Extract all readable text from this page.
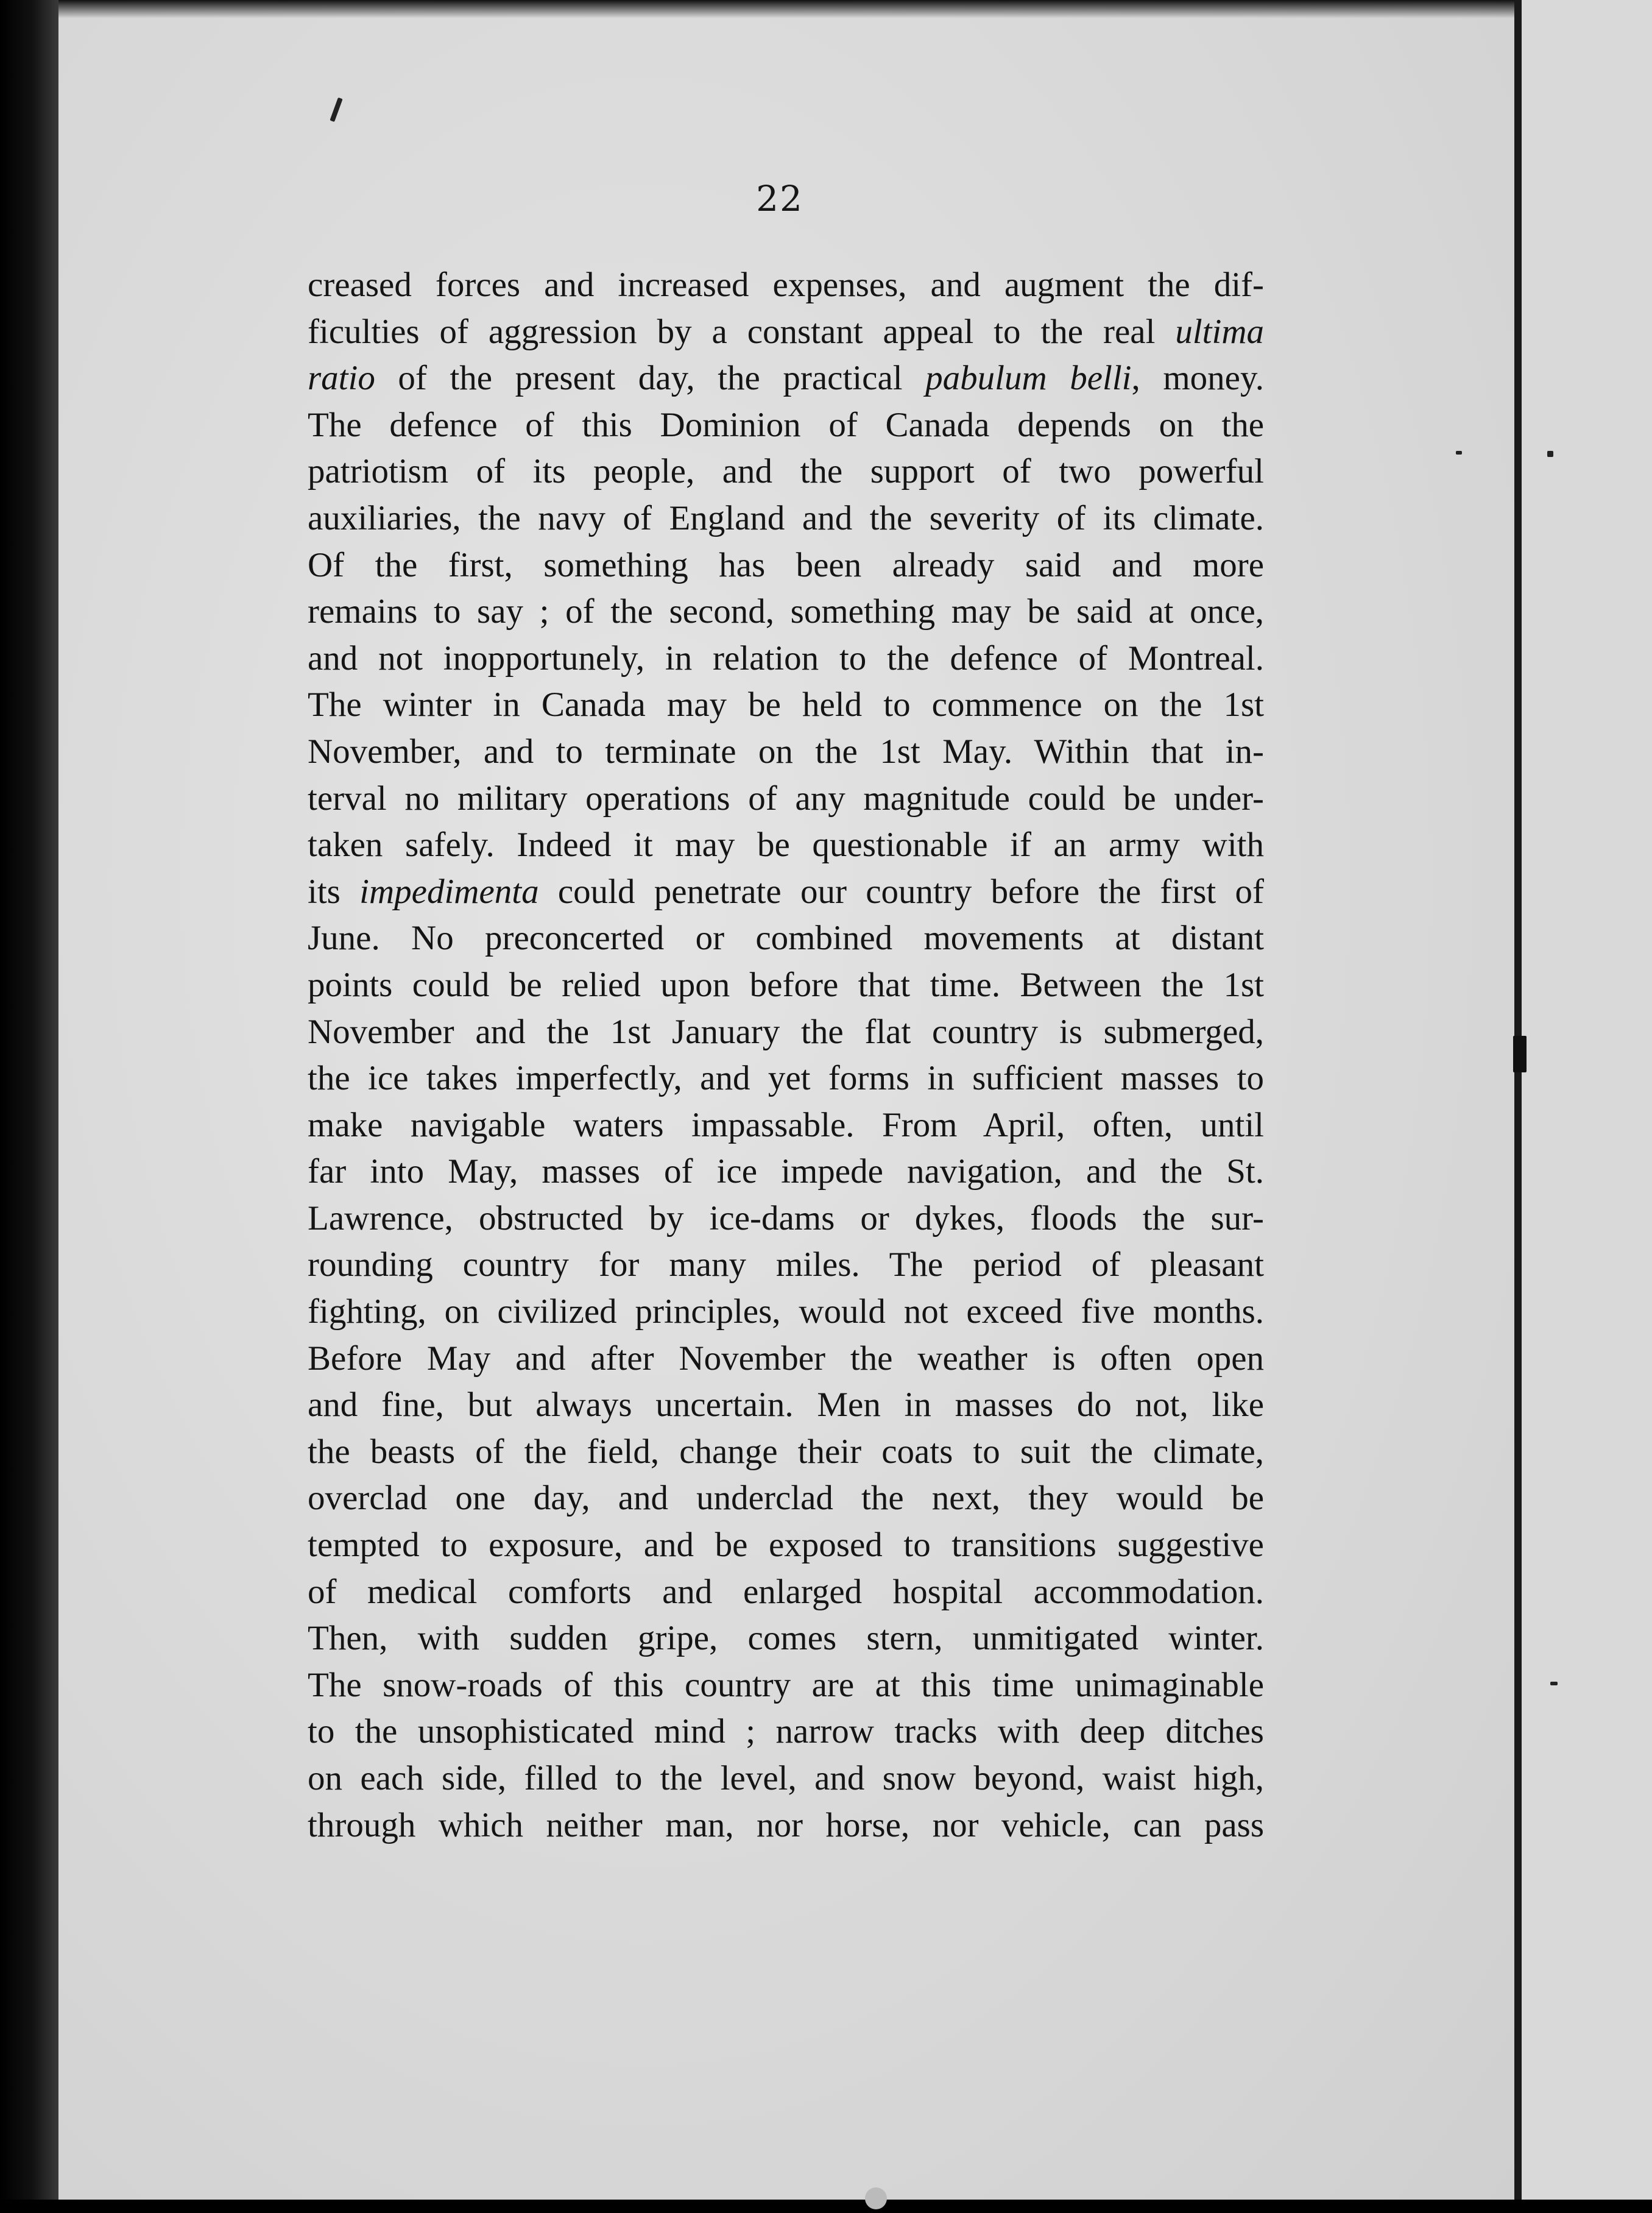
22
creased forces and increased expenses, and augment the dif-
ficulties of aggression by a constant appeal to the real ultima
ratio of the present day, the practical pabulum belli, money.
The defence of this Dominion of Canada depends on the
patriotism of its people, and the support of two powerful
auxiliaries, the navy of England and the severity of its climate.
Of the first, something has been already said and more
remains to say ; of the second, something may be said at once,
and not inopportunely, in relation to the defence of Montreal.
The winter in Canada may be held to commence on the 1st
November, and to terminate on the 1st May. Within that in-
terval no military operations of any magnitude could be under-
taken safely. Indeed it may be questionable if an army with
its impedimenta could penetrate our country before the first of
June. No preconcerted or combined movements at distant
points could be relied upon before that time. Between the 1st
November and the 1st January the flat country is submerged,
the ice takes imperfectly, and yet forms in sufficient masses to
make navigable waters impassable. From April, often, until
far into May, masses of ice impede navigation, and the St.
Lawrence, obstructed by ice-dams or dykes, floods the sur-
rounding country for many miles. The period of pleasant
fighting, on civilized principles, would not exceed five months.
Before May and after November the weather is often open
and fine, but always uncertain. Men in masses do not, like
the beasts of the field, change their coats to suit the climate,
overclad one day, and underclad the next, they would be
tempted to exposure, and be exposed to transitions suggestive
of medical comforts and enlarged hospital accommodation.
Then, with sudden gripe, comes stern, unmitigated winter.
The snow-roads of this country are at this time unimaginable
to the unsophisticated mind ; narrow tracks with deep ditches
on each side, filled to the level, and snow beyond, waist high,
through which neither man, nor horse, nor vehicle, can pass
